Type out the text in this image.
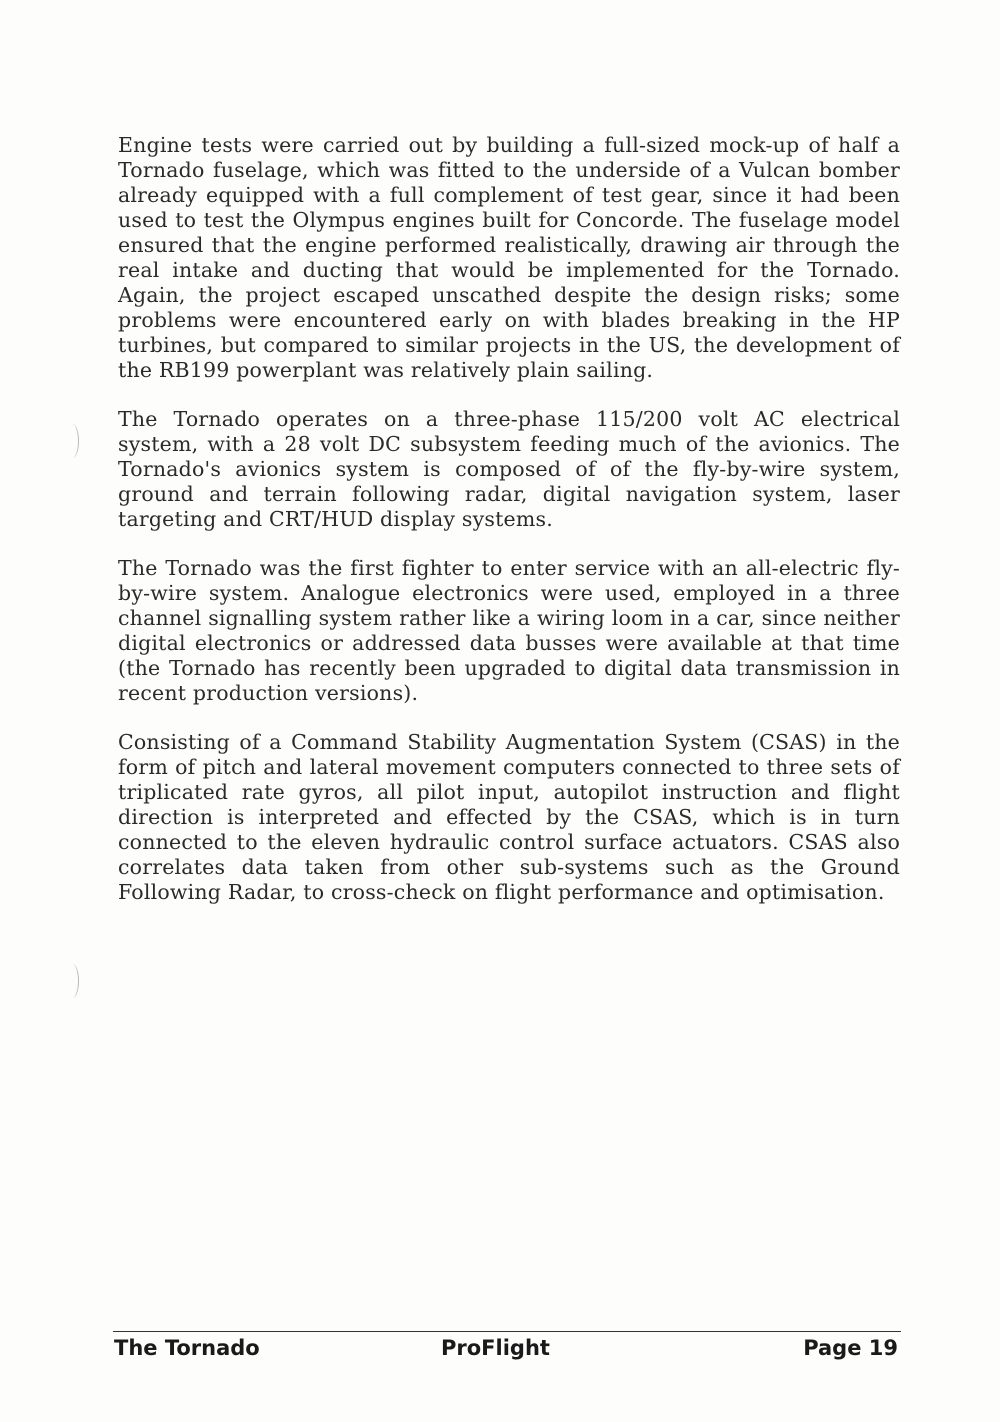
Engine tests were carried out by building a full-sized mock-up of half a Tornado fuselage, which was fitted to the underside of a Vulcan bomber already equipped with a full complement of test gear, since it had been used to test the Olympus engines built for Concorde. The fuselage model ensured that the engine performed realistically, drawing air through the real intake and ducting that would be implemented for the Tornado. Again, the project escaped unscathed despite the design risks; some problems were encountered early on with blades breaking in the HP turbines, but compared to similar projects in the US, the development of the RB199 powerplant was relatively plain sailing.

The Tornado operates on a three-phase 115/200 volt AC electrical system, with a 28 volt DC subsystem feeding much of the avionics. The Tornado's avionics system is composed of of the fly-by-wire system, ground and terrain following radar, digital navigation system, laser targeting and CRT/HUD display systems.

The Tornado was the first fighter to enter service with an all-electric fly-by-wire system. Analogue electronics were used, employed in a three channel signalling system rather like a wiring loom in a car, since neither digital electronics or addressed data busses were available at that time (the Tornado has recently been upgraded to digital data transmission in recent production versions).

Consisting of a Command Stability Augmentation System (CSAS) in the form of pitch and lateral movement computers connected to three sets of triplicated rate gyros, all pilot input, autopilot instruction and flight direction is interpreted and effected by the CSAS, which is in turn connected to the eleven hydraulic control surface actuators. CSAS also correlates data taken from other sub-systems such as the Ground Following Radar, to cross-check on flight performance and optimisation.

The Tornado	ProFlight	Page 19
